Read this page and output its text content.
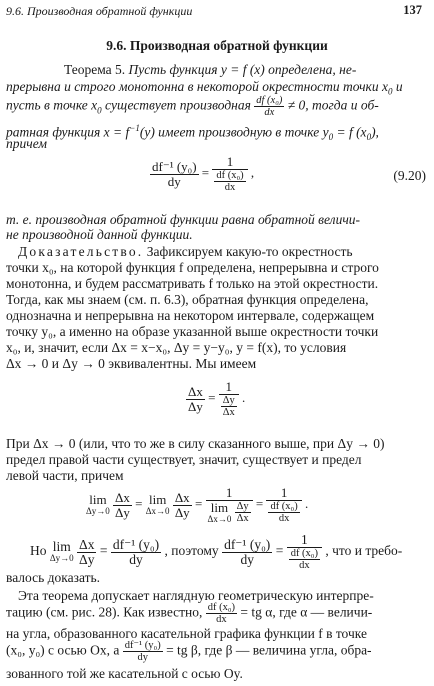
9.6. Производная обратной функции	137
9.6. Производная обратной функции
Теорема 5. Пусть функция y = f (x) определена, не-
прерывна и строго монотонна в некоторой окрестности точки $x_0$ и
пусть в точке $x_0$ существует производная $\frac{\text{df (x₀)}}{dx} \ne 0$, тогда и об-
ратная функция $x = f^{-1}(y)$ имеет производную в точке $y_0 = f$ $(x_0)$,
причем
$\frac{\text{df⁻¹ (y₀)}}{dy} = 1$
df (x₀)
dx ,	(9.20)
т. е. производная обратной функции равна обратной величи-
не производной данной функции.
Доказательство. Зафиксируем какую-то окрестность
точки x₀, на которой функция f определена, непрерывна и строго
монотонна, и будем рассматривать f только на этой окрестности.
Тогда, как мы знаем (см. п. 6.3), обратная функция определена,
однозначна и непрерывна на некотором интервале, содержащем
точку y₀, а именно на образе указанной выше окрестности точки
x₀, и, значит, если Δx = x−x₀, Δy = y−y₀, y = f(x), то условия
Δx → 0 и Δy → 0 эквивалентны. Мы имеем
$\frac{\Delta x}{\Delta y} = 1$
Δy
Δx .
При Δx → 0 (или, что то же в силу сказанного выше, при Δy → 0)
предел правой части существует, значит, существует и предел
левой части, причем
lim
Δy→0
$\frac{\Delta x}{\Delta y} = \lim$
Δx→0
$\frac{\Delta x}{\Delta y} = 1$
lim
Δx→0
$\frac{\Delta y}{\Delta x} = 1$
df (x₀)
dx .
Но lim
Δy→0
$\frac{\Delta x}{\Delta y} = \frac{\text{df⁻¹ (y₀)}}{dy}$ , поэтому $\frac{\text{df⁻¹ (y₀)}}{dy} = 1$
df (x₀)
dx , что и требо-
валось доказать.
Эта теорема допускает наглядную геометрическую интерпре-
тацию (см. рис. 28). Как известно, $\frac{\text{df (x₀)}}{dx}$ = tg α, где α — величи-
на угла, образованного касательной графика функции f в точке
(x₀, y₀) с осью Ox, а $\frac{\text{df⁻¹ (y₀)}}{dy}$ = tg β, где β — величина угла, обра-
зованного той же касательной с осью Oy.
